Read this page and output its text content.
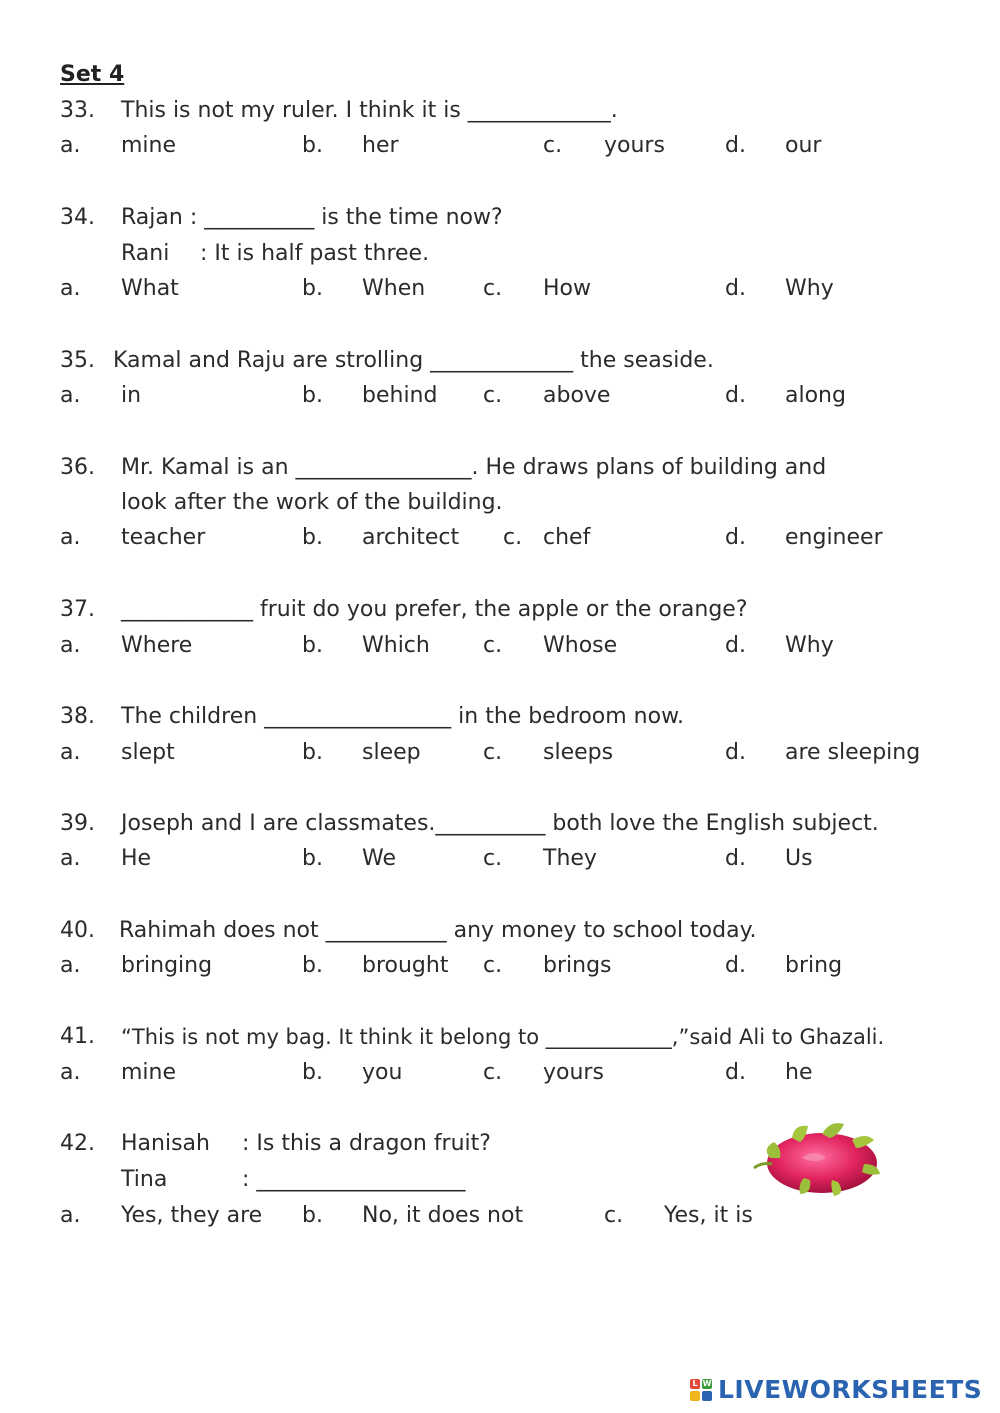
Set 4
33. This is not my ruler. I think it is _____________.
a. mine	b. her	c. yours	d. our
34. Rajan : __________ is the time now?
Rani : It is half past three.
a. What	b. When	c. How	d. Why
35. Kamal and Raju are strolling _____________ the seaside.
a. in	b. behind c. above	d. along
36. Mr. Kamal is an ________________. He draws plans of building and
look after the work of the building.
a. teacher	b. architect c. chef	d. engineer
37. ____________ fruit do you prefer, the apple or the orange?
a. Where	b. Which c. Whose	d. Why
38. The children _________________ in the bedroom now.
a. slept	b. sleep	c. sleeps	d. are sleeping
39. Joseph and I are classmates.__________ both love the English subject.
a. He	b. We	c. They	d. Us
40. Rahimah does not ___________ any money to school today.
a. bringing	b. brought c. brings	d. bring
41. “This is not my bag. It think it belong to ____________,”said Ali to Ghazali.
a. mine	b. you	c. yours	d. he
42. Hanisah : Is this a dragon fruit?
Tina	: ___________________
a. Yes, they are b. No, it does not	c. Yes, it is
L W LIVEWORKSHEETS
